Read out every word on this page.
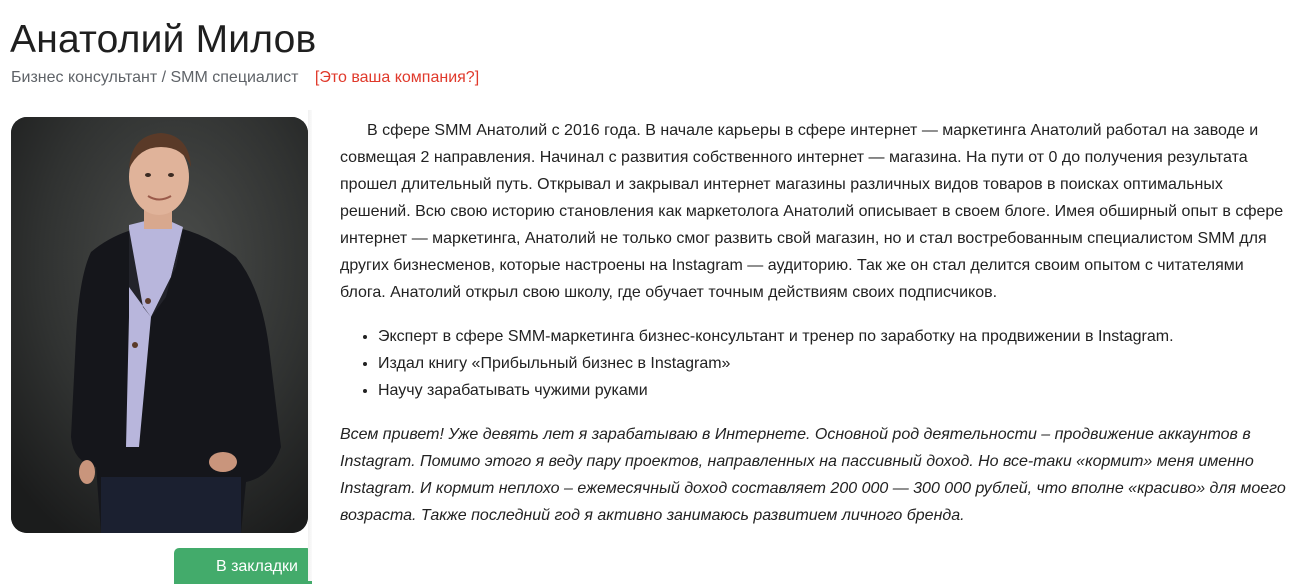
Анатолий Милов
Бизнес консультант / SMM специалист [Это ваша компания?]
В закладки

В сфере SMM Анатолий с 2016 года. В начале карьеры в сфере интернет — маркетинга Анатолий работал на заводе и совмещая 2 направления. Начинал с развития собственного интернет — магазина. На пути от 0 до получения результата прошел длительный путь. Открывал и закрывал интернет магазины различных видов товаров в поисках оптимальных решений. Всю свою историю становления как маркетолога Анатолий описывает в своем блоге. Имея обширный опыт в сфере интернет — маркетинга, Анатолий не только смог развить свой магазин, но и стал востребованным специалистом SMM для других бизнесменов, которые настроены на Instagram — аудиторию. Так же он стал делится своим опытом с читателями блога. Анатолий открыл свою школу, где обучает точным действиям своих подписчиков.

• Эксперт в сфере SMM-маркетинга бизнес-консультант и тренер по заработку на продвижении в Instagram.
• Издал книгу «Прибыльный бизнес в Instagram»
• Научу зарабатывать чужими руками

Всем привет! Уже девять лет я зарабатываю в Интернете. Основной род деятельности – продвижение аккаунтов в Instagram. Помимо этого я веду пару проектов, направленных на пассивный доход. Но все-таки «кормит» меня именно Instagram. И кормит неплохо – ежемесячный доход составляет 200 000 — 300 000 рублей, что вполне «красиво» для моего возраста. Также последний год я активно занимаюсь развитием личного бренда.
